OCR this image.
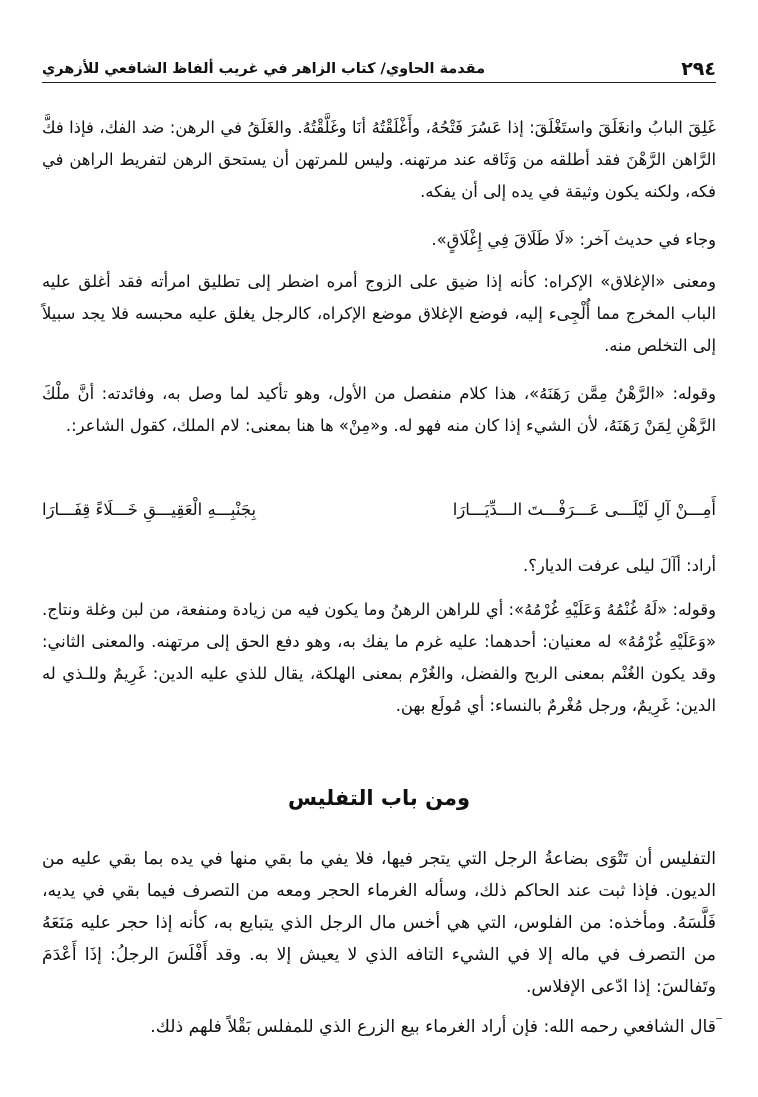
٢٩٤
مقدمة الحاوي/ كتاب الزاهر في غريب ألفاظ الشافعي للأزهري

غَلِقَ البابُ وانغَلَقَ واستَغْلَقَ: إذا عَسُرَ فَتْحُهُ، وأَغْلَقْتُهُ أنَا وغَلَّقْتُهُ. والغَلَقُ في الرهن: ضد الفك، فإذا فكَّ الرَّاهن الرَّهْنَ فقد أطلقه من وَثَاقه عند مرتهنه. وليس للمرتهن أن يستحق الرهن لتفريط الراهن في فكه، ولكنه يكون وثيقة في يده إلى أن يفكه.

وجاء في حديث آخر: «لَا طَلَاقَ فِي إِغْلَاقٍ».

ومعنى «الإغلاق» الإكراه: كأنه إذا ضيق على الزوج أمره اضطر إلى تطليق امرأته فقد أغلق عليه الباب المخرج مما أُلْجِىء إليه، فوضع الإغلاق موضع الإكراه، كالرجل يغلق عليه محبسه فلا يجد سبيلاً إلى التخلص منه.

وقوله: «الرَّهْنُ مِمَّن رَهَنَهُ»، هذا كلام منفصل من الأول، وهو تأكيد لما وصل به، وفائدته: أنَّ ملْكَ الرَّهْنِ لِمَنْ رَهَنَهُ، لأن الشيء إذا كان منه فهو له. و«مِنْ» ها هنا بمعنى: لام الملك، كقول الشاعر:.

أَمِـــنْ آلِ لَيْلَـــى عَـــرَفْـــتَ الـــدِّيَـــارَا
بِجَنْبِـــهِ الْعَقِيـــقِ خَـــلَاءً قِفَـــارَا

أراد: أآلَ ليلى عرفت الديار؟.

وقوله: «لَهُ غُنْمُهُ وَعَلَيْهِ غُرْمُهُ»: أي للراهن الرهنُ وما يكون فيه من زيادة ومنفعة، من لبن وغلة ونتاج. «وَعَلَيْهِ غُرْمُهُ» له معنيان: أحدهما: عليه غرم ما يفك به، وهو دفع الحق إلى مرتهنه. والمعنى الثاني: وقد يكون الغُنْم بمعنى الربح والفضل، والغُرْم بمعنى الهلكة، يقال للذي عليه الدين: غَرِيمٌ وللـذي له الدين: غَرِيمٌ، ورجل مُغْرمٌ بالنساء: أي مُولَع بهن.

ومن باب التفليس

التفليس أن تَتْوَى بضاعةُ الرجل التي يتجر فيها، فلا يفي ما بقي منها في يده بما بقي عليه من الديون. فإذا ثبت عند الحاكم ذلك، وسأله الغرماء الحجر ومعه من التصرف فيما بقي في يديه، فَلَّسَهُ. ومأخذه: من الفلوس، التي هي أخس مال الرجل الذي يتبايع به، كأنه إذا حجر عليه مَنَعَهُ من التصرف في ماله إلا في الشيء التافه الذي لا يعيش إلا به. وقد أَفْلَسَ الرجلُ: إذَا أَعْدَمَ وتَفالسَ: إذا ادّعى الإفلاس.

قال الشافعي رحمه الله: فإن أراد الغرماء بيع الزرع الذي للمفلس بَقْلاً فلهم ذلك.
